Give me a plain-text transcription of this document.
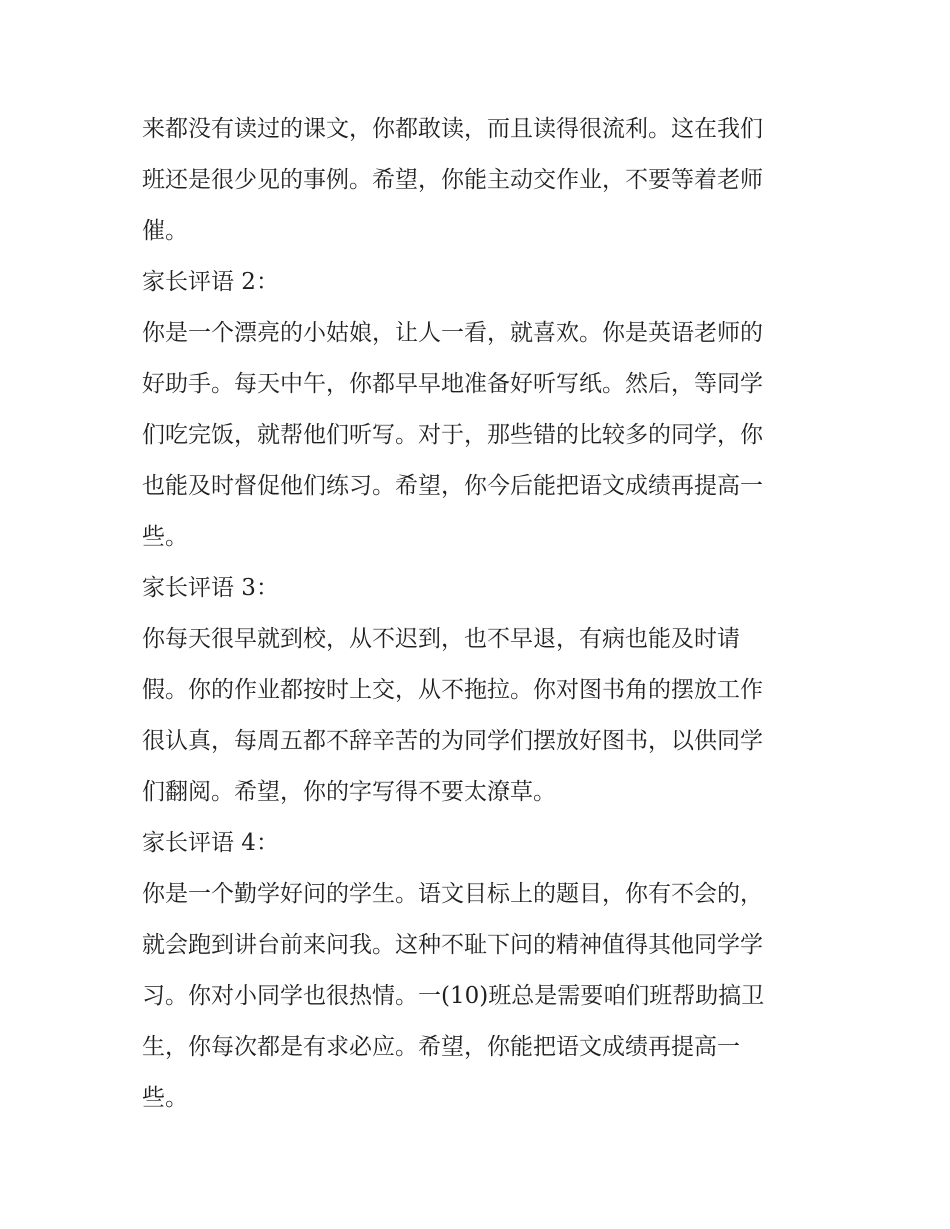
来都没有读过的课文，你都敢读，而且读得很流利。这在我们
班还是很少见的事例。希望，你能主动交作业，不要等着老师
催。
家长评语 2：
你是一个漂亮的小姑娘，让人一看，就喜欢。你是英语老师的
好助手。每天中午，你都早早地准备好听写纸。然后，等同学
们吃完饭，就帮他们听写。对于，那些错的比较多的同学，你
也能及时督促他们练习。希望，你今后能把语文成绩再提高一
些。
家长评语 3：
你每天很早就到校，从不迟到，也不早退，有病也能及时请
假。你的作业都按时上交，从不拖拉。你对图书角的摆放工作
很认真，每周五都不辞辛苦的为同学们摆放好图书，以供同学
们翻阅。希望，你的字写得不要太潦草。
家长评语 4：
你是一个勤学好问的学生。语文目标上的题目，你有不会的，
就会跑到讲台前来问我。这种不耻下问的精神值得其他同学学
习。你对小同学也很热情。一(10)班总是需要咱们班帮助搞卫
生，你每次都是有求必应。希望，你能把语文成绩再提高一
些。
